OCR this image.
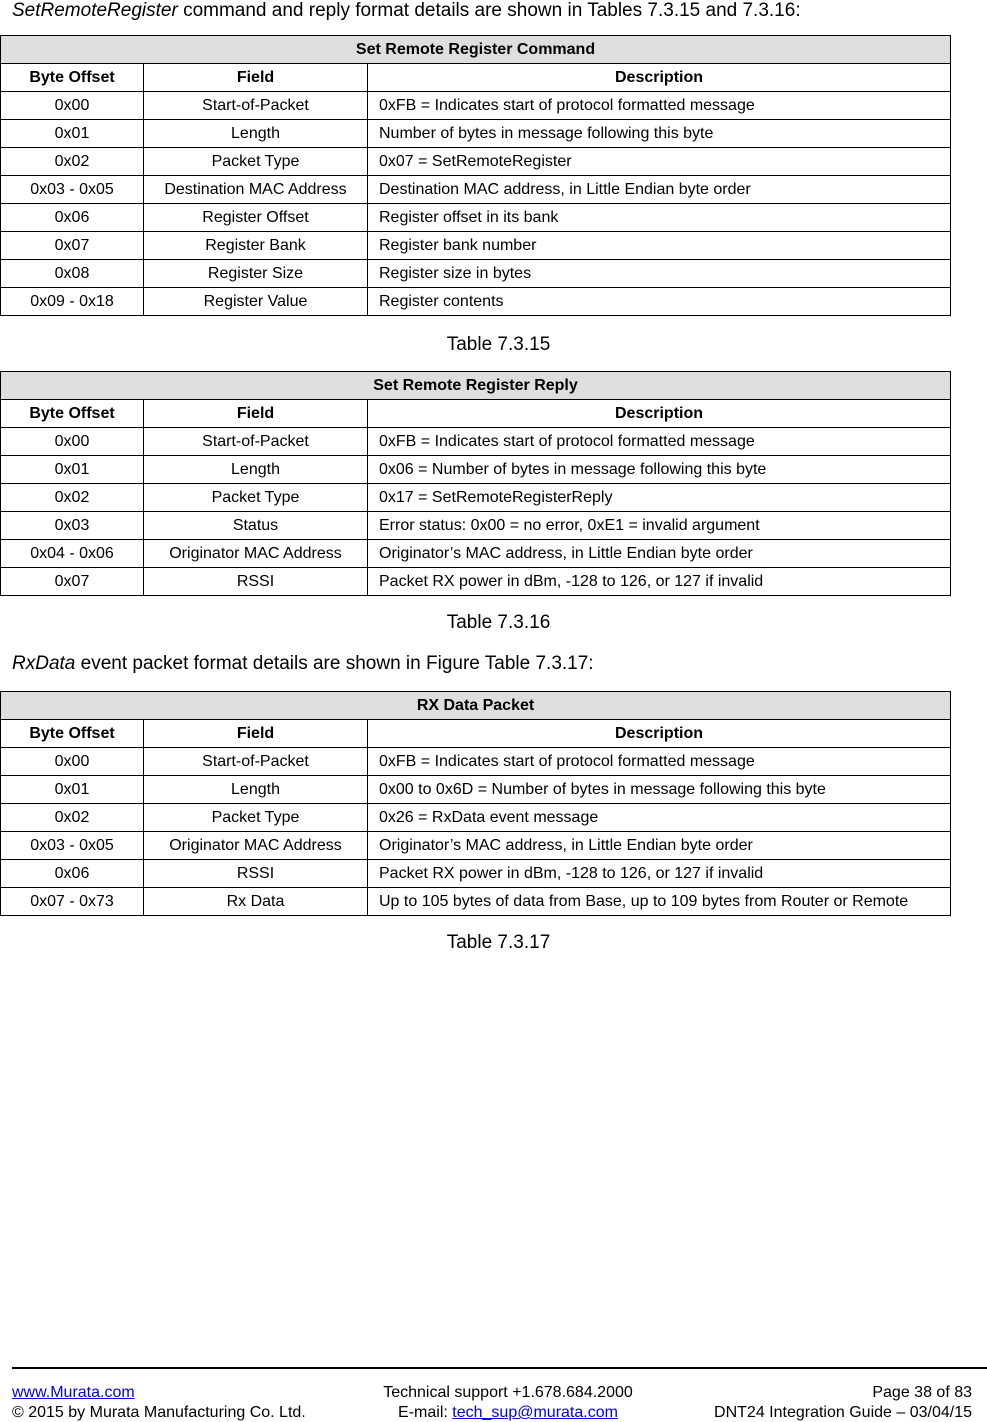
SetRemoteRegister command and reply format details are shown in Tables 7.3.15 and 7.3.16:
Set Remote Register Command		
Byte Offset	Field	Description
0x00	Start-of-Packet	0xFB = Indicates start of protocol formatted message
0x01	Length	Number of bytes in message following this byte
0x02	Packet Type	0x07 = SetRemoteRegister
0x03 - 0x05	Destination MAC Address	Destination MAC address, in Little Endian byte order
0x06	Register Offset	Register offset in its bank
0x07	Register Bank	Register bank number
0x08	Register Size	Register size in bytes
0x09 - 0x18	Register Value	Register contents
Table 7.3.15
Set Remote Register Reply		
Byte Offset	Field	Description
0x00	Start-of-Packet	0xFB = Indicates start of protocol formatted message
0x01	Length	0x06 = Number of bytes in message following this byte
0x02	Packet Type	0x17 = SetRemoteRegisterReply
0x03	Status	Error status: 0x00 = no error, 0xE1 = invalid argument
0x04 - 0x06	Originator MAC Address	Originator’s MAC address, in Little Endian byte order
0x07	RSSI	Packet RX power in dBm, -128 to 126, or 127 if invalid
Table 7.3.16
RxData event packet format details are shown in Figure Table 7.3.17:
RX Data Packet		
Byte Offset	Field	Description
0x00	Start-of-Packet	0xFB = Indicates start of protocol formatted message
0x01	Length	0x00 to 0x6D = Number of bytes in message following this byte
0x02	Packet Type	0x26 = RxData event message
0x03 - 0x05	Originator MAC Address	Originator’s MAC address, in Little Endian byte order
0x06	RSSI	Packet RX power in dBm, -128 to 126, or 127 if invalid
0x07 - 0x73	Rx Data	Up to 105 bytes of data from Base, up to 109 bytes from Router or Remote
Table 7.3.17
www.Murata.com
© 2015 by Murata Manufacturing Co. Ltd.
Technical support +1.678.684.2000
E-mail: tech_sup@murata.com
Page 38 of 83
DNT24 Integration Guide – 03/04/15
